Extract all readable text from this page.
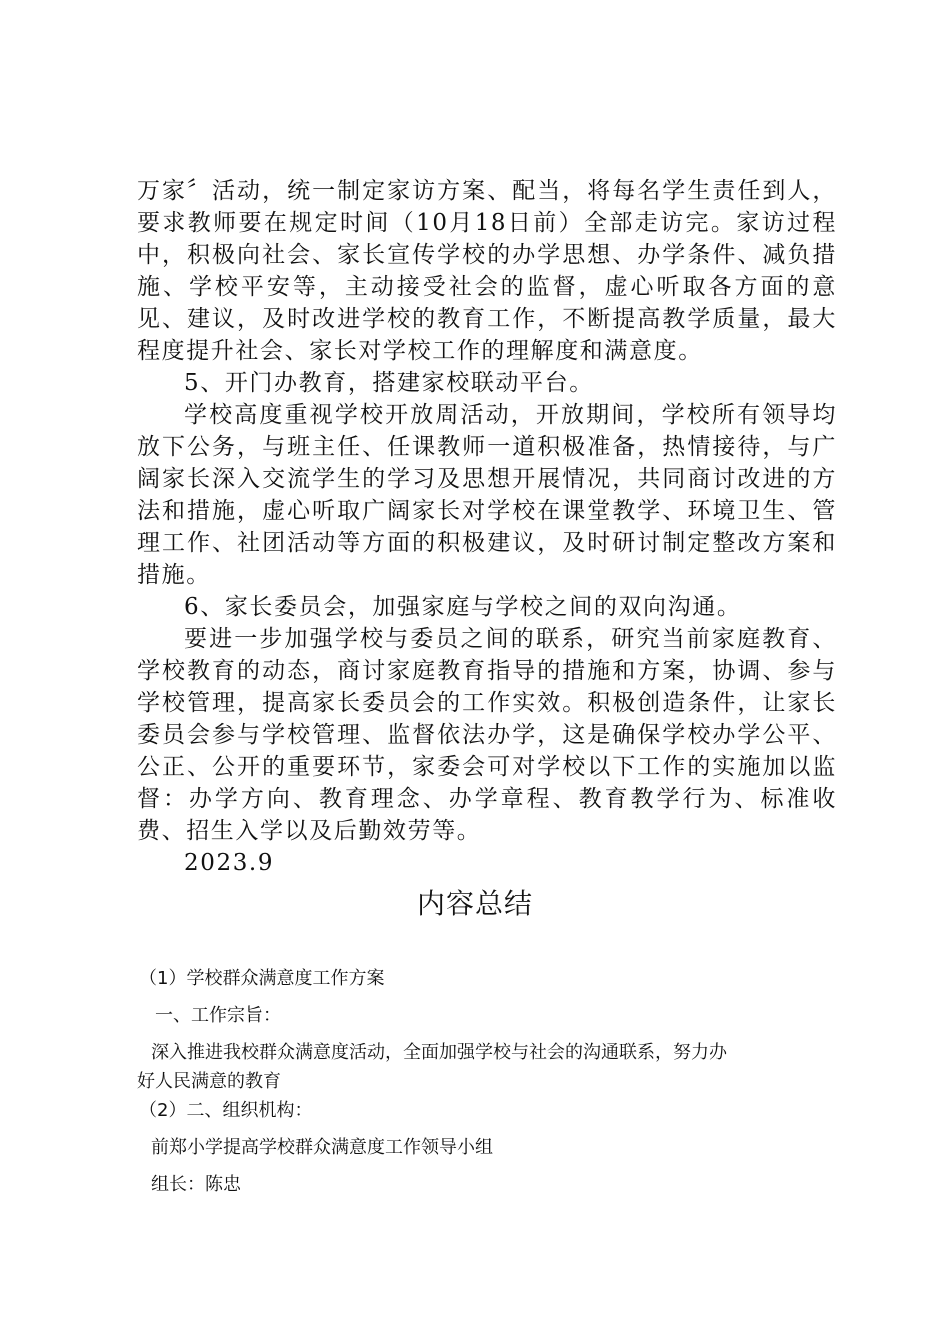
万家〞活动，统一制定家访方案、配当，将每名学生责任到人，要求教师要在规定时间（10月18日前）全部走访完。家访过程中，积极向社会、家长宣传学校的办学思想、办学条件、减负措施、学校平安等，主动接受社会的监督，虚心听取各方面的意见、建议，及时改进学校的教育工作，不断提高教学质量，最大程度提升社会、家长对学校工作的理解度和满意度。

5、开门办教育，搭建家校联动平台。

学校高度重视学校开放周活动，开放期间，学校所有领导均放下公务，与班主任、任课教师一道积极准备，热情接待，与广阔家长深入交流学生的学习及思想开展情况，共同商讨改进的方法和措施，虚心听取广阔家长对学校在课堂教学、环境卫生、管理工作、社团活动等方面的积极建议，及时研讨制定整改方案和措施。

6、家长委员会，加强家庭与学校之间的双向沟通。

要进一步加强学校与委员之间的联系，研究当前家庭教育、学校教育的动态，商讨家庭教育指导的措施和方案，协调、参与学校管理，提高家长委员会的工作实效。积极创造条件，让家长委员会参与学校管理、监督依法办学，这是确保学校办学公平、公正、公开的重要环节，家委会可对学校以下工作的实施加以监督：办学方向、教育理念、办学章程、教育教学行为、标准收费、招生入学以及后勤效劳等。

2023.9

内容总结

（1）学校群众满意度工作方案

一、工作宗旨：

深入推进我校群众满意度活动，全面加强学校与社会的沟通联系，努力办

好人民满意的教育

（2）二、组织机构：

前郑小学提高学校群众满意度工作领导小组

组长：陈忠
